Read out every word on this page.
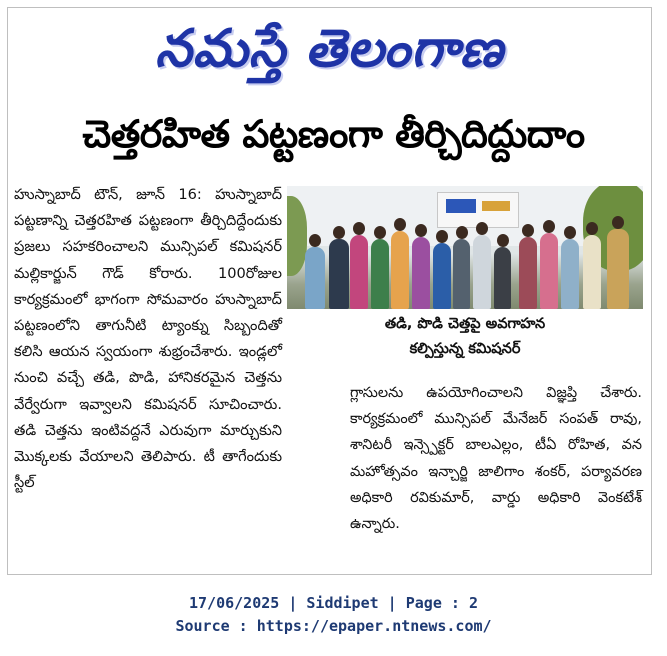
నమస్తే తెలంగాణ
చెత్తరహిత పట్టణంగా తీర్చిదిద్దుదాం

హుస్నాబాద్ టౌన్, జూన్ 16: హుస్నాబాద్ పట్టణాన్ని చెత్తరహిత పట్టణంగా తీర్చిదిద్దేందుకు ప్రజలు సహకరించాలని మున్సిపల్ కమిషనర్ మల్లికార్జున్ గౌడ్ కోరారు. 100రోజుల కార్యక్రమంలో భాగంగా సోమవారం హుస్నాబాద్ పట్టణంలోని తాగునీటి ట్యాంక్ను సిబ్బందితో కలిసి ఆయన స్వయంగా శుభ్రంచేశారు. ఇండ్లలో నుంచి వచ్చే తడి, పొడి, హానికరమైన చెత్తను వేర్వేరుగా ఇవ్వాలని కమిషనర్ సూచించారు. తడి చెత్తను ఇంటివద్దనే ఎరువుగా మార్చుకుని మొక్కలకు వేయాలని తెలిపారు. టీ తాగేందుకు స్టీల్

తడి, పొడి చెత్తపై అవగాహన
కల్పిస్తున్న కమిషనర్

గ్లాసులను ఉపయోగించాలని విజ్ఞప్తి చేశారు. కార్యక్రమంలో మున్సిపల్ మేనేజర్ సంపత్ రావు, శానిటరీ ఇన్స్పెక్టర్ బాలఎల్లం, టీఏ రోహిత, వన మహోత్సవం ఇన్చార్జి జాలిగాం శంకర్, పర్యావరణ అధికారి రవికుమార్, వార్డు అధికారి వెంకటేశ్ ఉన్నారు.

17/06/2025 | Siddipet | Page : 2
Source : https://epaper.ntnews.com/
